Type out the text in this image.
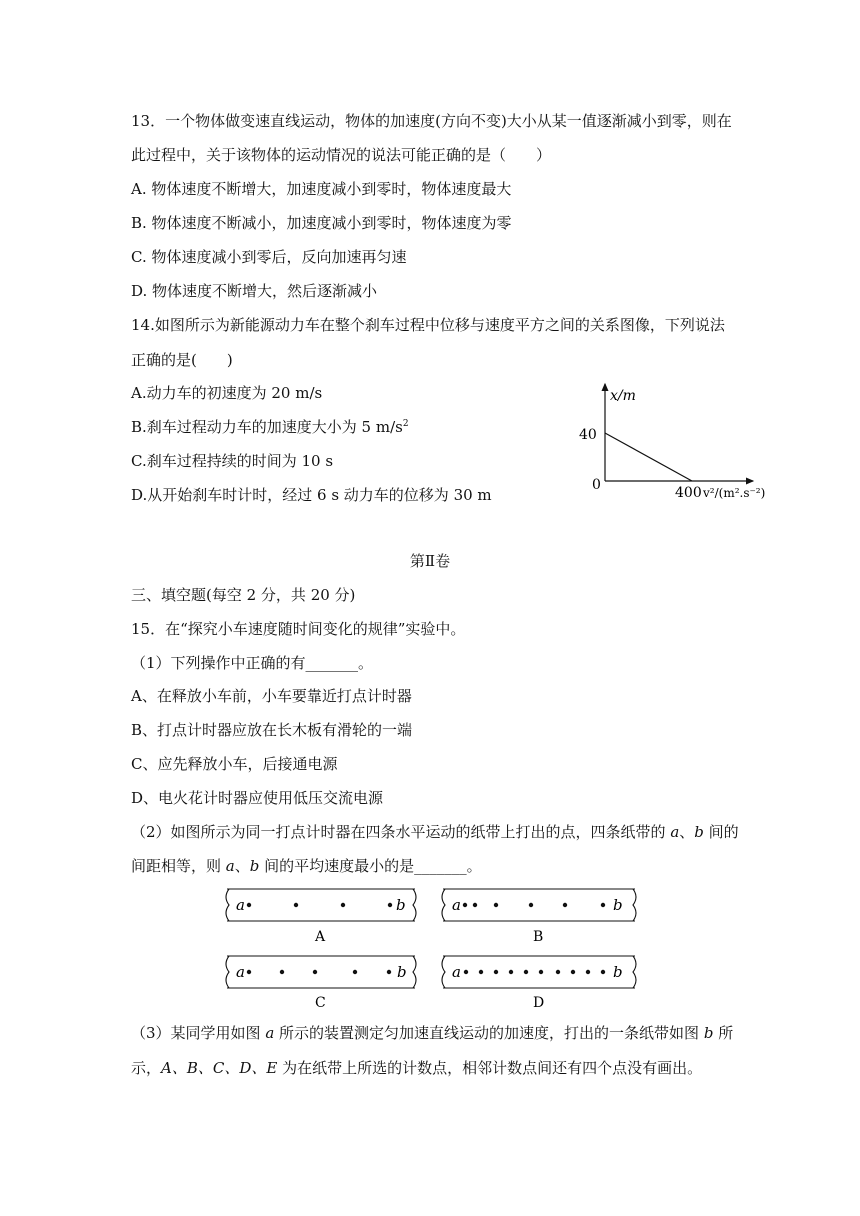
13．一个物体做变速直线运动，物体的加速度(方向不变)大小从某一值逐渐减小到零，则在
此过程中，关于该物体的运动情况的说法可能正确的是（　　）
A. 物体速度不断增大，加速度减小到零时，物体速度最大
B. 物体速度不断减小，加速度减小到零时，物体速度为零
C. 物体速度减小到零后，反向加速再匀速
D. 物体速度不断增大，然后逐渐减小
14.如图所示为新能源动力车在整个刹车过程中位移与速度平方之间的关系图像，下列说法
正确的是(　　)
A.动力车的初速度为 20 m/s
B.刹车过程动力车的加速度大小为 5 $m/s^2$
C.刹车过程持续的时间为 10 s
D.从开始刹车时计时，经过 6 s 动力车的位移为 30 m
x/m
40
0	400 v²/(m².s⁻²)
第Ⅱ卷
三、填空题(每空 2 分，共 20 分)
15．在“探究小车速度随时间变化的规律”实验中。
（1）下列操作中正确的有_______。
A、在释放小车前，小车要靠近打点计时器
B、打点计时器应放在长木板有滑轮的一端
C、应先释放小车，后接通电源
D、电火花计时器应使用低压交流电源
（2）如图所示为同一打点计时器在四条水平运动的纸带上打出的点，四条纸带的 a、b 间的
间距相等，则 a、b 间的平均速度最小的是_______。
a	b
A
a	b
B
a	b
C
a	b
D
（3）某同学用如图 a 所示的装置测定匀加速直线运动的加速度，打出的一条纸带如图 b 所
示，A、B、C、D、E 为在纸带上所选的计数点，相邻计数点间还有四个点没有画出。
